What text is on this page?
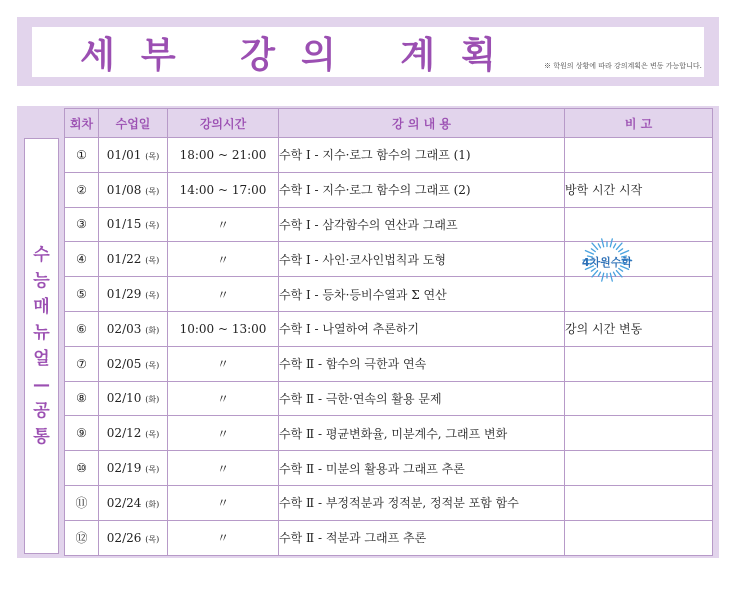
세부 강의 계획	※ 학원의 상황에 따라 강의계획은 변동 가능합니다.
회차	수업일	강의시간	강 의 내 용	비 고
①	01/01 (목)	18:00 ~ 21:00	수학 Ⅰ - 지수·로그 함수의 그래프 (1)	
②	01/08 (목)	14:00 ~ 17:00	수학 Ⅰ - 지수·로그 함수의 그래프 (2)	방학 시간 시작
③	01/15 (목)	〃	수학 Ⅰ - 삼각함수의 연산과 그래프	
④	01/22 (목)	〃	수학 Ⅰ - 사인·코사인법칙과 도형	
⑤	01/29 (목)	〃	수학 Ⅰ - 등차·등비수열과 Σ 연산	
⑥	02/03 (화)	10:00 ~ 13:00	수학 Ⅰ - 나열하여 추론하기	강의 시간 변동
⑦	02/05 (목)	〃	수학 Ⅱ - 함수의 극한과 연속	
⑧	02/10 (화)	〃	수학 Ⅱ - 극한·연속의 활용 문제	
⑨	02/12 (목)	〃	수학 Ⅱ - 평균변화율, 미분계수, 그래프 변화	
⑩	02/19 (목)	〃	수학 Ⅱ - 미분의 활용과 그래프 추론	
⑪	02/24 (화)	〃	수학 Ⅱ - 부정적분과 정적분, 정적분 포함 함수	
⑫	02/26 (목)	〃	수학 Ⅱ - 적분과 그래프 추론	
수
능
매
뉴
얼
—
공
통
4차원수학
